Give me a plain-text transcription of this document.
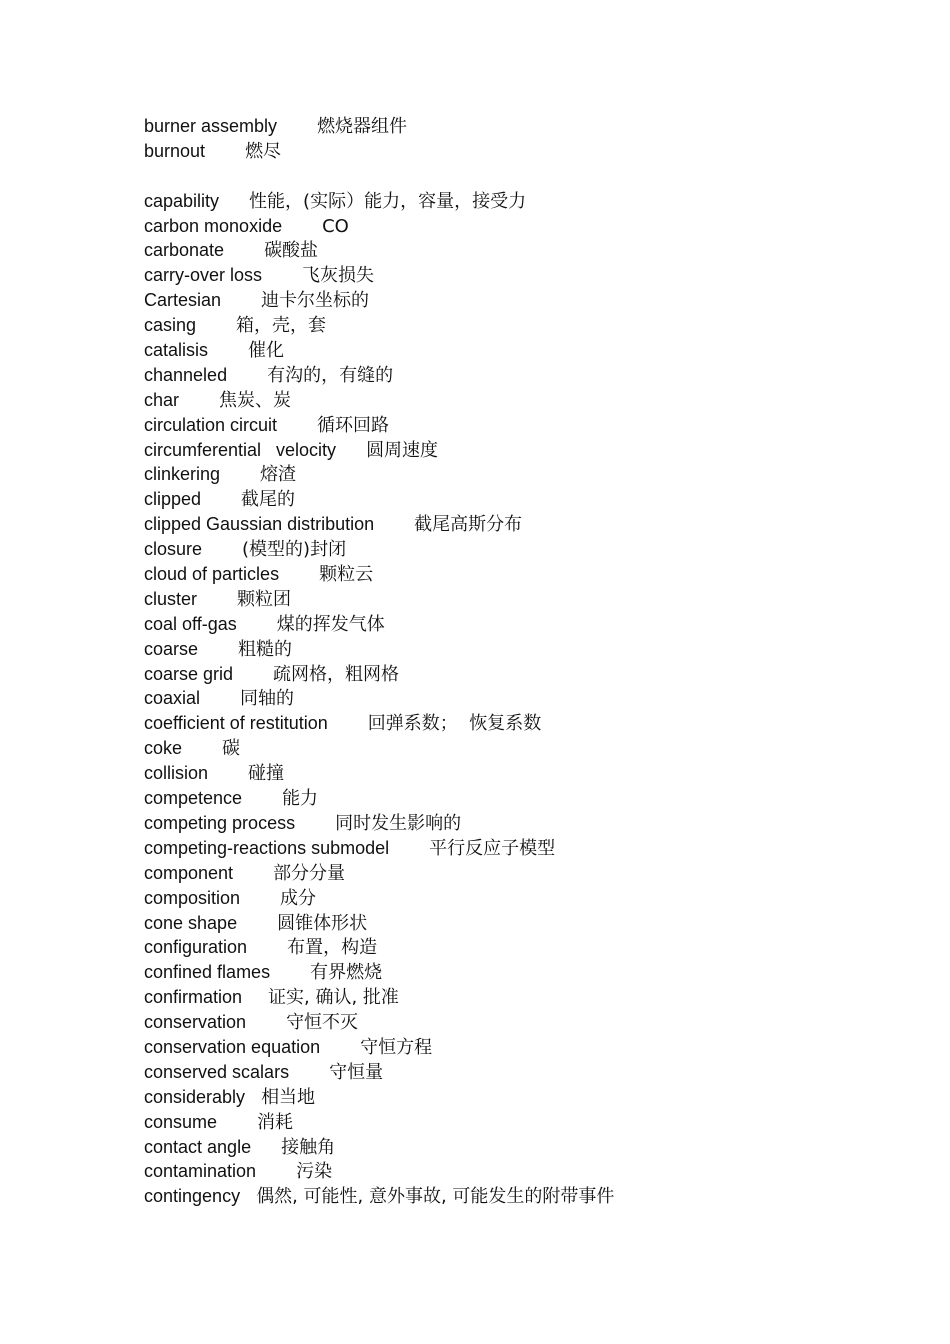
burner assembly 燃烧器组件
burnout 燃尽
capability 性能，(实际）能力，容量，接受力
carbon monoxide CO
carbonate 碳酸盐
carry-over loss 飞灰损失
Cartesian 迪卡尔坐标的
casing 箱，壳，套
catalisis 催化
channeled 有沟的，有缝的
char 焦炭、炭
circulation circuit 循环回路
circumferential   velocity 圆周速度
clinkering 熔渣
clipped 截尾的
clipped Gaussian distribution 截尾高斯分布
closure (模型的)封闭
cloud of particles 颗粒云
cluster 颗粒团
coal off-gas 煤的挥发气体
coarse 粗糙的
coarse grid 疏网格，粗网格
coaxial 同轴的
coefficient of restitution 回弹系数；  恢复系数
coke 碳
collision 碰撞
competence 能力
competing process 同时发生影响的
competing-reactions submodel 平行反应子模型
component 部分分量
composition 成分
cone shape 圆锥体形状
configuration 布置，构造
confined flames 有界燃烧
confirmation 证实, 确认, 批准
conservation 守恒不灭
conservation equation 守恒方程
conserved scalars 守恒量
considerably 相当地
consume 消耗
contact angle 接触角
contamination 污染
contingency 偶然, 可能性, 意外事故, 可能发生的附带事件
